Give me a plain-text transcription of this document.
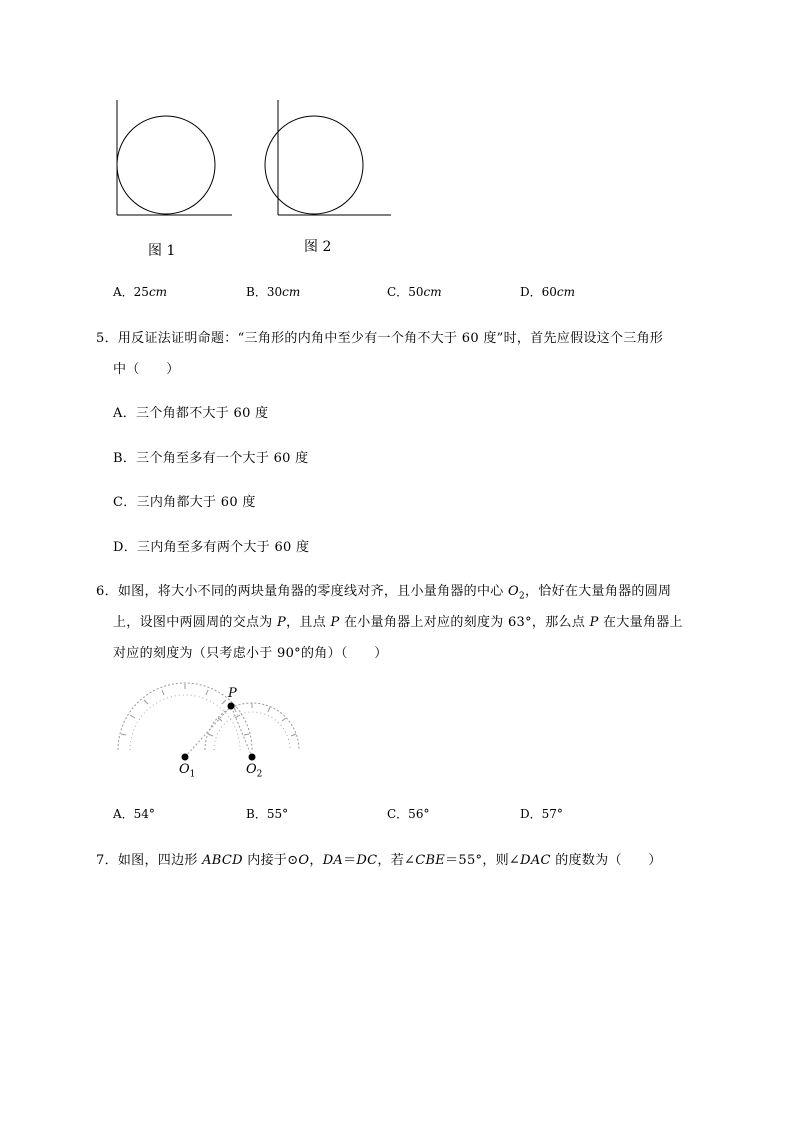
图 1	图 2
A．25cm	B．30cm	C．50cm	D．60cm
5．用反证法证明命题：“三角形的内角中至少有一个角不大于 60 度”时，首先应假设这个三角形
中（　　）
A．三个角都不大于 60 度
B．三个角至多有一个大于 60 度
C．三内角都大于 60 度
D．三内角至多有两个大于 60 度
6．如图，将大小不同的两块量角器的零度线对齐，且小量角器的中心 $O_2$，恰好在大量角器的圆周
上，设图中两圆周的交点为 P，且点 P 在小量角器上对应的刻度为 63°，那么点 P 在大量角器上
对应的刻度为（只考虑小于 90°的角）（　　）
P
$O_1$	$O_2$
A．54°	B．55°	C．56°	D．57°
7．如图，四边形 ABCD 内接于⊙O，DA＝DC，若∠CBE＝55°，则∠DAC 的度数为（　　）
